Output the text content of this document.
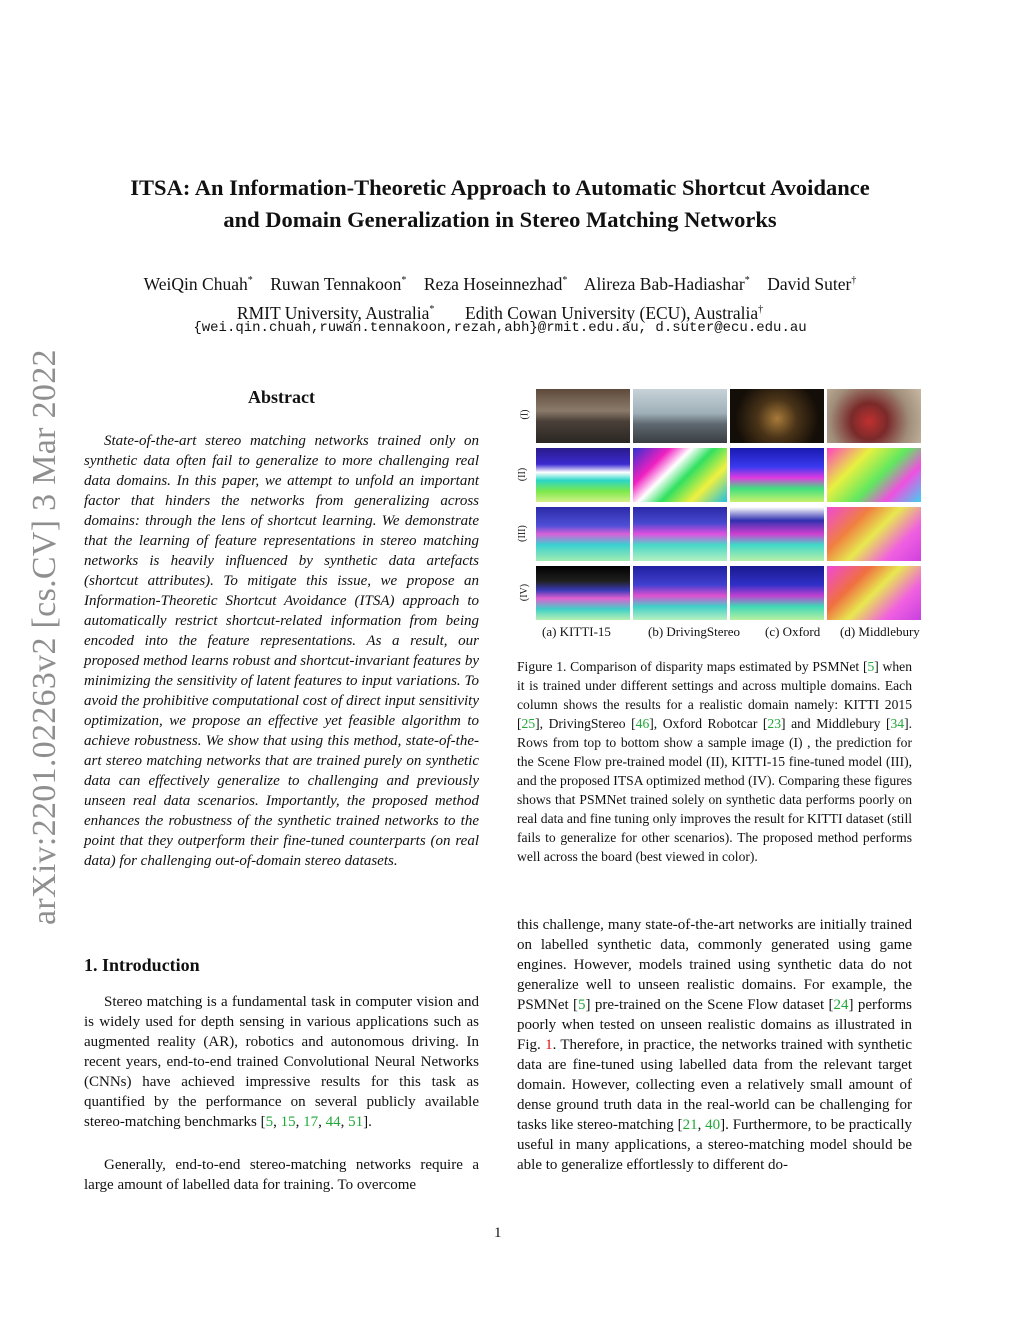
arXiv:2201.02263v2 [cs.CV] 3 Mar 2022
ITSA: An Information-Theoretic Approach to Automatic Shortcut Avoidance
and Domain Generalization in Stereo Matching Networks
WeiQin Chuah* Ruwan Tennakoon* Reza Hoseinnezhad* Alireza Bab-Hadiashar* David Suter†
RMIT University, Australia* Edith Cowan University (ECU), Australia†
{wei.qin.chuah,ruwan.tennakoon,rezah,abh}@rmit.edu.au, d.suter@ecu.edu.au
Abstract
State-of-the-art stereo matching networks trained only on synthetic data often fail to generalize to more challenging real data domains. In this paper, we attempt to unfold an important factor that hinders the networks from generalizing across domains: through the lens of shortcut learning. We demonstrate that the learning of feature representations in stereo matching networks is heavily influenced by synthetic data artefacts (shortcut attributes). To mitigate this issue, we propose an Information-Theoretic Shortcut Avoidance (ITSA) approach to automatically restrict shortcut-related information from being encoded into the feature representations. As a result, our proposed method learns robust and shortcut-invariant features by minimizing the sensitivity of latent features to input variations. To avoid the prohibitive computational cost of direct input sensitivity optimization, we propose an effective yet feasible algorithm to achieve robustness. We show that using this method, state-of-the-art stereo matching networks that are trained purely on synthetic data can effectively generalize to challenging and previously unseen real data scenarios. Importantly, the proposed method enhances the robustness of the synthetic trained networks to the point that they outperform their fine-tuned counterparts (on real data) for challenging out-of-domain stereo datasets.
1. Introduction
Stereo matching is a fundamental task in computer vision and is widely used for depth sensing in various applications such as augmented reality (AR), robotics and autonomous driving. In recent years, end-to-end trained Convolutional Neural Networks (CNNs) have achieved impressive results for this task as quantified by the performance on several publicly available stereo-matching benchmarks [5, 15, 17, 44, 51].
Generally, end-to-end stereo-matching networks require a large amount of labelled data for training. To overcome
(I)
(II)
(III)
(IV)
(a) KITTI-15	(b) DrivingStereo (c) Oxford (d) Middlebury
Figure 1. Comparison of disparity maps estimated by PSMNet [5] when it is trained under different settings and across multiple domains. Each column shows the results for a realistic domain namely: KITTI 2015 [25], DrivingStereo [46], Oxford Robotcar [23] and Middlebury [34]. Rows from top to bottom show a sample image (I) , the prediction for the Scene Flow pre-trained model (II), KITTI-15 fine-tuned model (III), and the proposed ITSA optimized method (IV). Comparing these figures shows that PSMNet trained solely on synthetic data performs poorly on real data and fine tuning only improves the result for KITTI dataset (still fails to generalize for other scenarios). The proposed method performs well across the board (best viewed in color).
this challenge, many state-of-the-art networks are initially trained on labelled synthetic data, commonly generated using game engines. However, models trained using synthetic data do not generalize well to unseen realistic domains. For example, the PSMNet [5] pre-trained on the Scene Flow dataset [24] performs poorly when tested on unseen realistic domains as illustrated in Fig. 1. Therefore, in practice, the networks trained with synthetic data are fine-tuned using labelled data from the relevant target domain. However, collecting even a relatively small amount of dense ground truth data in the real-world can be challenging for tasks like stereo-matching [21, 40]. Furthermore, to be practically useful in many applications, a stereo-matching model should be able to generalize effortlessly to different do-
1
